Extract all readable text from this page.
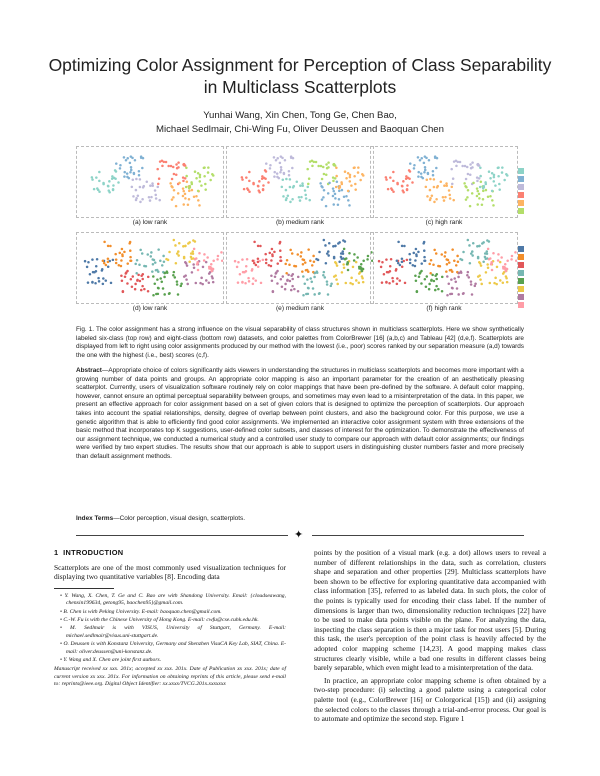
Optimizing Color Assignment for Perception of Class Separability in Multiclass Scatterplots
Yunhai Wang, Xin Chen, Tong Ge, Chen Bao,
Michael Sedlmair, Chi-Wing Fu, Oliver Deussen and Baoquan Chen
(a) low rank	(b) medium rank	(c) high rank
(d) low rank	(e) medium rank	(f) high rank
Fig. 1. The color assignment has a strong influence on the visual separability of class structures shown in multiclass scatterplots. Here we show synthetically labeled six-class (top row) and eight-class (bottom row) datasets, and color palettes from ColorBrewer [16] (a,b,c) and Tableau [42] (d,e,f). Scatterplots are displayed from left to right using color assignments produced by our method with the lowest (i.e., poor) scores ranked by our separation measure (a,d) towards the one with the highest (i.e., best) scores (c,f).
Abstract—Appropriate choice of colors significantly aids viewers in understanding the structures in multiclass scatterplots and becomes more important with a growing number of data points and groups. An appropriate color mapping is also an important parameter for the creation of an aesthetically pleasing scatterplot. Currently, users of visualization software routinely rely on color mappings that have been pre-defined by the software. A default color mapping, however, cannot ensure an optimal perceptual separability between groups, and sometimes may even lead to a misinterpretation of the data. In this paper, we present an effective approach for color assignment based on a set of given colors that is designed to optimize the perception of scatterplots. Our approach takes into account the spatial relationships, density, degree of overlap between point clusters, and also the background color. For this purpose, we use a genetic algorithm that is able to efficiently find good color assignments. We implemented an interactive color assignment system with three extensions of the basic method that incorporates top K suggestions, user-defined color subsets, and classes of interest for the optimization. To demonstrate the effectiveness of our assignment technique, we conducted a numerical study and a controlled user study to compare our approach with default color assignments; our findings were verified by two expert studies. The results show that our approach is able to support users in distinguishing cluster numbers faster and more precisely than default assignment methods.
Index Terms—Color perception, visual design, scatterplots.
✦
1 INTRODUCTION

Scatterplots are one of the most commonly used visualization techniques for displaying two quantitative variables [8]. Encoding data

• Y. Wang, X. Chen, T. Ge and C. Bao are with Shandong University. Email: {cloudseawang, chenxin199634, getong95, baochen95}@gmail.com.

• B. Chen is with Peking University. E-mail: baoquan.chen@gmail.com.

• C.-W. Fu is with the Chinese University of Hong Kong. E-mail: cwfu@cse.cuhk.edu.hk.

• M. Sedlmair is with VISUS, University of Stuttgart, Germany. E-mail: michael.sedlmair@visus.uni-stuttgart.de.

• O. Deussen is with Konstanz University, Germany and Shenzhen VisuCA Key Lab, SIAT, China. E-mail: oliver.deussen@uni-konstanz.de.

• Y. Wang and X. Chen are joint first authors.

Manuscript received xx xxx. 201x; accepted xx xxx. 201x. Date of Publication xx xxx. 201x; date of current version xx xxx. 201x. For information on obtaining reprints of this article, please send e-mail to: reprints@ieee.org. Digital Object Identifier: xx.xxxx/TVCG.201x.xxxxxxx

points by the position of a visual mark (e.g. a dot) allows users to reveal a number of different relationships in the data, such as correlation, clusters shape and separation and other properties [29]. Multiclass scatterplots have been shown to be effective for exploring quantitative data accompanied with class information [35], referred to as labeled data. In such plots, the color of the points is typically used for encoding their class label. If the number of dimensions is larger than two, dimensionality reduction techniques [22] have to be used to make data points visible on the plane. For analyzing the data, inspecting the class separation is then a major task for most users [5]. During this task, the user's perception of the point class is heavily affected by the adopted color mapping scheme [14,23]. A good mapping makes class structures clearly visible, while a bad one results in different classes being barely separable, which even might lead to a misinterpretation of the data.

In practice, an appropriate color mapping scheme is often obtained by a two-step procedure: (i) selecting a good palette using a categorical color palette tool (e.g., ColorBrewer [16] or Colorgorical [15]) and (ii) assigning the selected colors to the classes through a trial-and-error process. Our goal is to automate and optimize the second step. Figure 1
